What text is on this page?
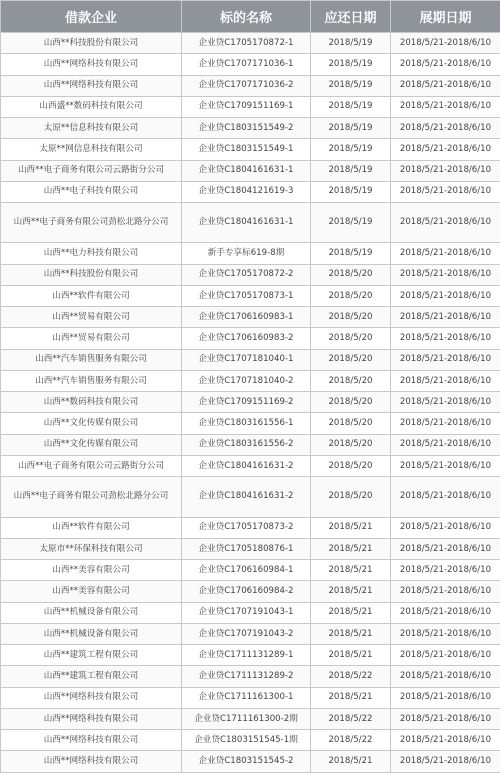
借款企业	标的名称	应还日期	展期日期
山西**科技股份有限公司	企业贷C1705170872-1	2018/5/19	2018/5/21-2018/6/10
山西**网络科技有限公司	企业贷C1707171036-1	2018/5/19	2018/5/21-2018/6/10
山西**网络科技有限公司	企业贷C1707171036-2	2018/5/19	2018/5/21-2018/6/10
山西盛**数码科技有限公司	企业贷C1709151169-1	2018/5/19	2018/5/21-2018/6/10
太原**信息科技有限公司	企业贷C1803151549-2	2018/5/19	2018/5/21-2018/6/10
太原**网信息科技有限公司	企业贷C1803151549-1	2018/5/19	2018/5/21-2018/6/10
山西**电子商务有限公司云路街分公司	企业贷C1804161631-1	2018/5/19	2018/5/21-2018/6/10
山西**电子科技有限公司	企业贷C1804121619-3	2018/5/19	2018/5/21-2018/6/10
山西**电子商务有限公司劲松北路分公司	企业贷C1804161631-1	2018/5/19	2018/5/21-2018/6/10
山西**电力科技有限公司	新手专享标619-8期	2018/5/19	2018/5/21-2018/6/10
山西**科技股份有限公司	企业贷C1705170872-2	2018/5/20	2018/5/21-2018/6/10
山西**软件有限公司	企业贷C1705170873-1	2018/5/20	2018/5/21-2018/6/10
山西**贸易有限公司	企业贷C1706160983-1	2018/5/20	2018/5/21-2018/6/10
山西**贸易有限公司	企业贷C1706160983-2	2018/5/20	2018/5/21-2018/6/10
山西**汽车销售服务有限公司	企业贷C1707181040-1	2018/5/20	2018/5/21-2018/6/10
山西**汽车销售服务有限公司	企业贷C1707181040-2	2018/5/20	2018/5/21-2018/6/10
山西**数码科技有限公司	企业贷C1709151169-2	2018/5/20	2018/5/21-2018/6/10
山西**文化传媒有限公司	企业贷C1803161556-1	2018/5/20	2018/5/21-2018/6/10
山西**文化传媒有限公司	企业贷C1803161556-2	2018/5/20	2018/5/21-2018/6/10
山西**电子商务有限公司云路街分公司	企业贷C1804161631-2	2018/5/20	2018/5/21-2018/6/10
山西**电子商务有限公司劲松北路分公司	企业贷C1804161631-2	2018/5/20	2018/5/21-2018/6/10
山西**软件有限公司	企业贷C1705170873-2	2018/5/21	2018/5/21-2018/6/10
太原市**环保科技有限公司	企业贷C1705180876-1	2018/5/21	2018/5/21-2018/6/10
山西**美容有限公司	企业贷C1706160984-1	2018/5/21	2018/5/21-2018/6/10
山西**美容有限公司	企业贷C1706160984-2	2018/5/21	2018/5/21-2018/6/10
山西**机械设备有限公司	企业贷C1707191043-1	2018/5/21	2018/5/21-2018/6/10
山西**机械设备有限公司	企业贷C1707191043-2	2018/5/21	2018/5/21-2018/6/10
山西**建筑工程有限公司	企业贷C1711131289-1	2018/5/21	2018/5/21-2018/6/10
山西**建筑工程有限公司	企业贷C1711131289-2	2018/5/22	2018/5/21-2018/6/10
山西**网络科技有限公司	企业贷C1711161300-1	2018/5/21	2018/5/21-2018/6/10
山西**网络科技有限公司	企业贷C1711161300-2期	2018/5/22	2018/5/21-2018/6/10
山西**网络科技有限公司	企业贷C1803151545-1期	2018/5/22	2018/5/21-2018/6/10
山西**网络科技有限公司	企业贷C1803151545-2	2018/5/21	2018/5/21-2018/6/10
